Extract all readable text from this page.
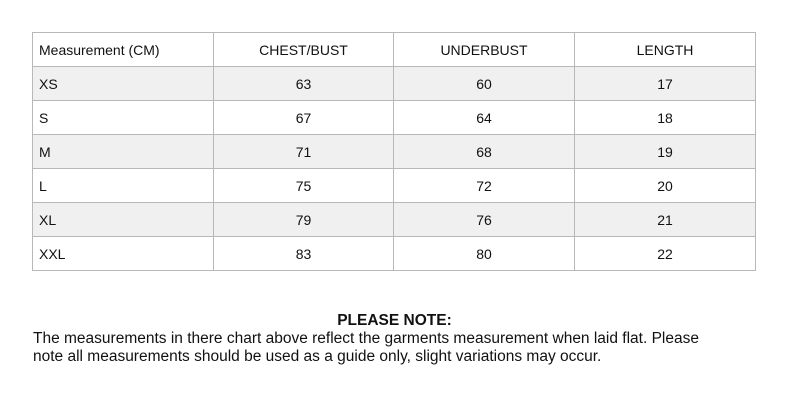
Measurement (CM)	CHEST/BUST	UNDERBUST	LENGTH
XS	63	60	17
S	67	64	18
M	71	68	19
L	75	72	20
XL	79	76	21
XXL	83	80	22
PLEASE NOTE:
The measurements in there chart above reflect the garments measurement when laid flat. Please
note all measurements should be used as a guide only, slight variations may occur.
